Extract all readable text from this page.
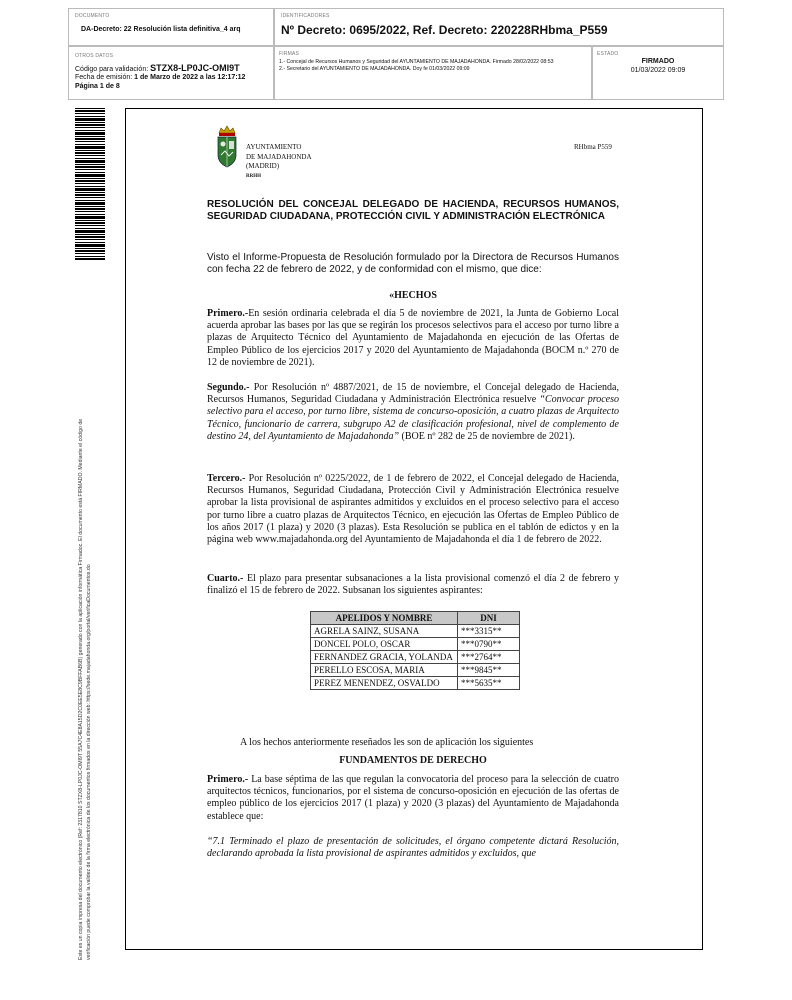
DOCUMENTO
DA-Decreto: 22 Resolución lista definitiva_4 arq
IDENTIFICADORES
Nº Decreto: 0695/2022, Ref. Decreto: 220228RHbma_P559
OTROS DATOS
Código para validación: STZX8-LP0JC-OMI9T
Fecha de emisión: 1 de Marzo de 2022 a las 12:17:12
Página 1 de 8
FIRMAS
1.- Concejal de Recursos Humanos y Seguridad del AYUNTAMIENTO DE MAJADAHONDA. Firmado 28/02/2022 08:53
2.- Secretario del AYUNTAMIENTO DE MAJADAHONDA. Doy fe 01/03/2022 09:09
ESTADO
FIRMADO
01/03/2022 09:09
Este es un copia impresa del documento electrónico (Ref: 2317810 STZX8-LP0JC-OMI9T 55A7C4E8A15D2C0EE5E8C9BFFAB6B) generado con la aplicación informática Firmadoc. El documento está FIRMADO. Mediante el código de verificación puede comprobar la validez de la firma electrónica de los documentos firmados en la dirección web: https://sede.majadahonda.org/portal/verificaDocumentos.do
AYUNTAMIENTO
DE MAJADAHONDA
(MADRID)
RRHH
RHbma P559
RESOLUCIÓN DEL CONCEJAL DELEGADO DE HACIENDA, RECURSOS HUMANOS, SEGURIDAD CIUDADANA, PROTECCIÓN CIVIL Y ADMINISTRACIÓN ELECTRÓNICA
Visto el Informe-Propuesta de Resolución formulado por la Directora de Recursos Humanos con fecha 22 de febrero de 2022, y de conformidad con el mismo, que dice:
«HECHOS

Primero.-En sesión ordinaria celebrada el día 5 de noviembre de 2021, la Junta de Gobierno Local acuerda aprobar las bases por las que se regirán los procesos selectivos para el acceso por turno libre a plazas de Arquitecto Técnico del Ayuntamiento de Majadahonda en ejecución de las Ofertas de Empleo Público de los ejercicios 2017 y 2020 del Ayuntamiento de Majadahonda (BOCM n.º 270 de 12 de noviembre de 2021).

Segundo.- Por Resolución nº 4887/2021, de 15 de noviembre, el Concejal delegado de Hacienda, Recursos Humanos, Seguridad Ciudadana y Administración Electrónica resuelve “Convocar proceso selectivo para el acceso, por turno libre, sistema de concurso-oposición, a cuatro plazas de Arquitecto Técnico, funcionario de carrera, subgrupo A2 de clasificación profesional, nivel de complemento de destino 24, del Ayuntamiento de Majadahonda” (BOE nº 282 de 25 de noviembre de 2021).

Tercero.- Por Resolución nº 0225/2022, de 1 de febrero de 2022, el Concejal delegado de Hacienda, Recursos Humanos, Seguridad Ciudadana, Protección Civil y Administración Electrónica resuelve aprobar la lista provisional de aspirantes admitidos y excluidos en el proceso selectivo para el acceso por turno libre a cuatro plazas de Arquitectos Técnico, en ejecución las Ofertas de Empleo Público de los años 2017 (1 plaza) y 2020 (3 plazas). Esta Resolución se publica en el tablón de edictos y en la página web www.majadahonda.org del Ayuntamiento de Majadahonda el día 1 de febrero de 2022.

Cuarto.- El plazo para presentar subsanaciones a la lista provisional comenzó el día 2 de febrero y finalizó el 15 de febrero de 2022. Subsanan los siguientes aspirantes:

APELIDOS Y NOMBRE	DNI
AGRELA SAINZ, SUSANA	***3315**
DONCEL POLO, OSCAR	***0790**
FERNANDEZ GRACIA, YOLANDA	***2764**
PERELLO ESCOSA, MARIA	***9845**
PEREZ MENENDEZ, OSVALDO	***5635**
A los hechos anteriormente reseñados les son de aplicación los siguientes
FUNDAMENTOS DE DERECHO

Primero.- La base séptima de las que regulan la convocatoria del proceso para la selección de cuatro arquitectos técnicos, funcionarios, por el sistema de concurso-oposición en ejecución de las ofertas de empleo público de los ejercicios 2017 (1 plaza) y 2020 (3 plazas) del Ayuntamiento de Majadahonda establece que:

“7.1 Terminado el plazo de presentación de solicitudes, el órgano competente dictará Resolución, declarando aprobada la lista provisional de aspirantes admitidos y excluidos, que
